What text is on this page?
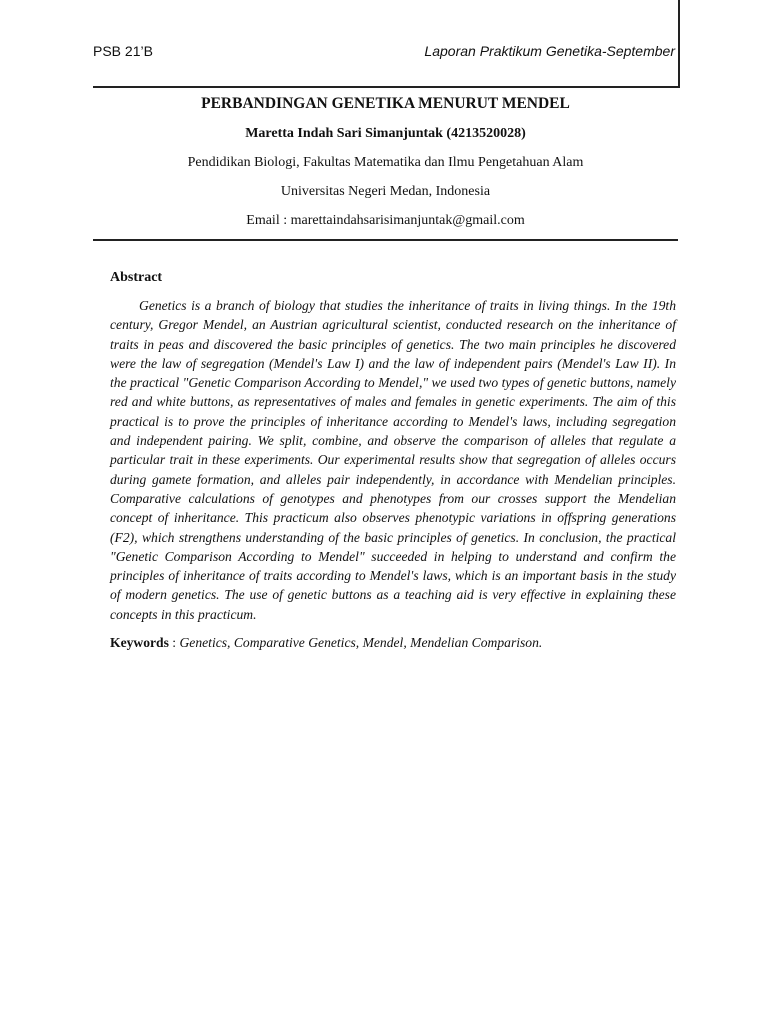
PSB 21’B	Laporan Praktikum Genetika-September
PERBANDINGAN GENETIKA MENURUT MENDEL
Maretta Indah Sari Simanjuntak (4213520028)
Pendidikan Biologi, Fakultas Matematika dan Ilmu Pengetahuan Alam
Universitas Negeri Medan, Indonesia
Email : marettaindahsarisimanjuntak@gmail.com
Abstract

Genetics is a branch of biology that studies the inheritance of traits in living things. In the 19th century, Gregor Mendel, an Austrian agricultural scientist, conducted research on the inheritance of traits in peas and discovered the basic principles of genetics. The two main principles he discovered were the law of segregation (Mendel's Law I) and the law of independent pairs (Mendel's Law II). In the practical "Genetic Comparison According to Mendel," we used two types of genetic buttons, namely red and white buttons, as representatives of males and females in genetic experiments. The aim of this practical is to prove the principles of inheritance according to Mendel's laws, including segregation and independent pairing. We split, combine, and observe the comparison of alleles that regulate a particular trait in these experiments. Our experimental results show that segregation of alleles occurs during gamete formation, and alleles pair independently, in accordance with Mendelian principles. Comparative calculations of genotypes and phenotypes from our crosses support the Mendelian concept of inheritance. This practicum also observes phenotypic variations in offspring generations (F2), which strengthens understanding of the basic principles of genetics. In conclusion, the practical "Genetic Comparison According to Mendel" succeeded in helping to understand and confirm the principles of inheritance of traits according to Mendel's laws, which is an important basis in the study of modern genetics. The use of genetic buttons as a teaching aid is very effective in explaining these concepts in this practicum.

Keywords : Genetics, Comparative Genetics, Mendel, Mendelian Comparison.
